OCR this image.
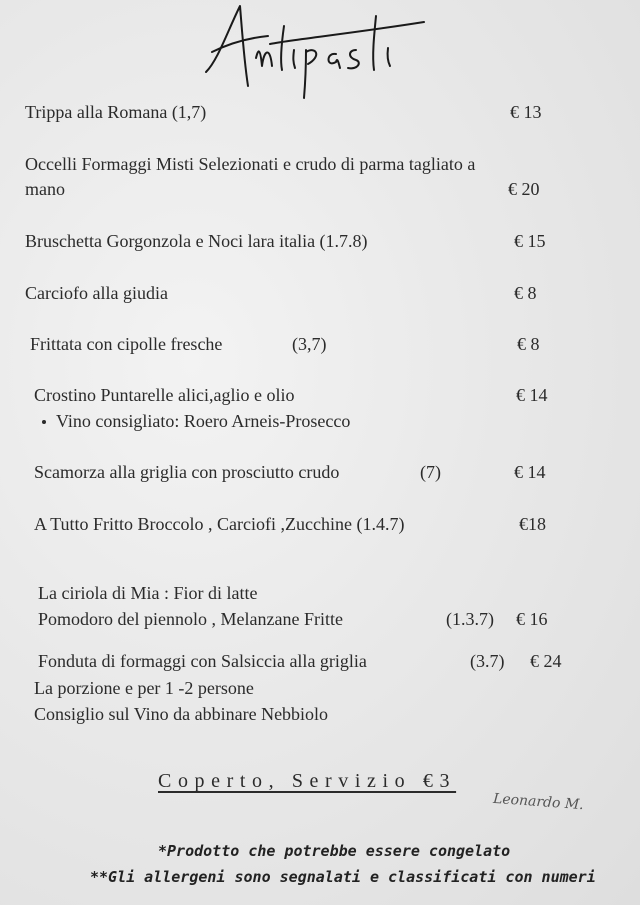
Trippa alla Romana (1,7)	€ 13
Occelli Formaggi Misti Selezionati e crudo di parma tagliato a
mano	€ 20
Bruschetta Gorgonzola e Noci lara italia (1.7.8)	€ 15
Carciofo alla giudia	€ 8
Frittata con cipolle fresche	(3,7)	€ 8
Crostino Puntarelle alici,aglio e olio	€ 14
Vino consigliato: Roero Arneis-Prosecco
Scamorza alla griglia con prosciutto crudo	(7)	€ 14
A Tutto Fritto Broccolo , Carciofi ,Zucchine (1.4.7)	€18
La ciriola di Mia : Fior di latte
Pomodoro del piennolo , Melanzane Fritte	(1.3.7) € 16
Fonduta di formaggi con Salsiccia alla griglia	(3.7) € 24
La porzione e per 1 -2 persone
Consiglio sul Vino da abbinare Nebbiolo
Coperto, Servizio €3
Leonardo M.
*Prodotto che potrebbe essere congelato
**Gli allergeni sono segnalati e classificati con numeri
